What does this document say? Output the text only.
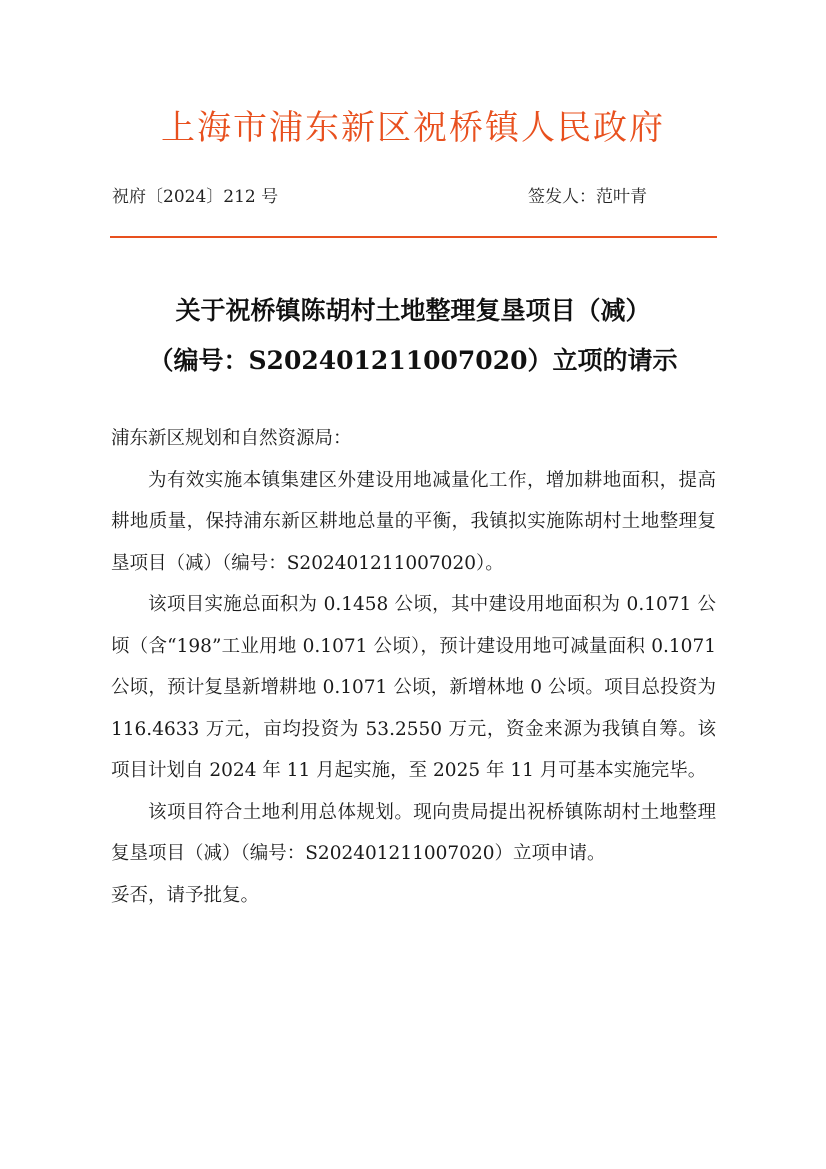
上海市浦东新区祝桥镇人民政府
祝府〔2024〕212 号	签发人：范叶青
关于祝桥镇陈胡村土地整理复垦项目（减）
（编号：S202401211007020）立项的请示
浦东新区规划和自然资源局：

为有效实施本镇集建区外建设用地减量化工作，增加耕地面积，提高耕地质量，保持浦东新区耕地总量的平衡，我镇拟实施陈胡村土地整理复垦项目（减）（编号：S202401211007020）。

该项目实施总面积为 0.1458 公顷，其中建设用地面积为 0.1071 公顷（含“198”工业用地 0.1071 公顷），预计建设用地可减量面积 0.1071 公顷，预计复垦新增耕地 0.1071 公顷，新增林地 0 公顷。项目总投资为 116.4633 万元，亩均投资为 53.2550 万元，资金来源为我镇自筹。该项目计划自 2024 年 11 月起实施，至 2025 年 11 月可基本实施完毕。

该项目符合土地利用总体规划。现向贵局提出祝桥镇陈胡村土地整理复垦项目（减）（编号：S202401211007020）立项申请。

妥否，请予批复。
